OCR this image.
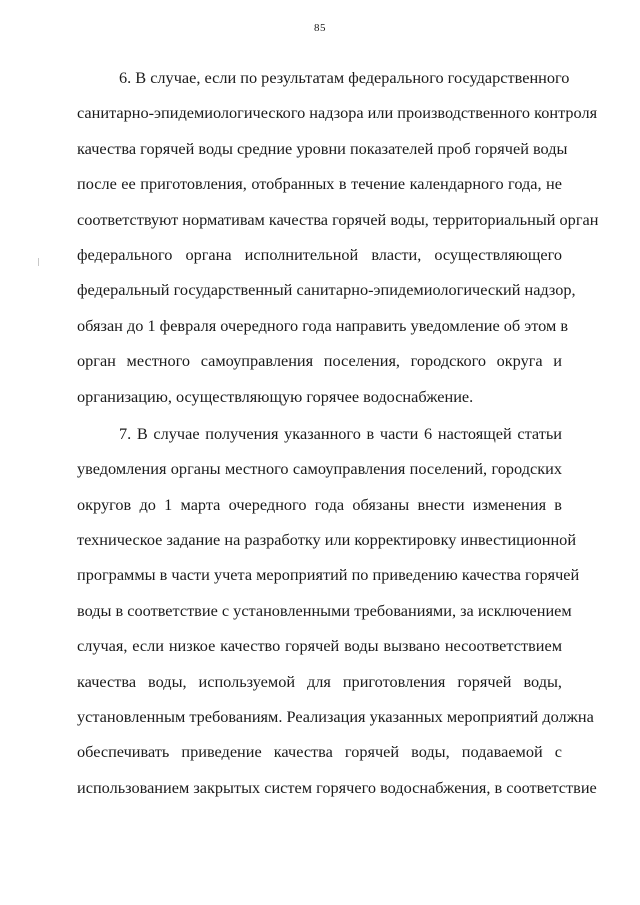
85
6. В случае, если по результатам федерального государственного
санитарно-эпидемиологического надзора или производственного контроля
качества горячей воды средние уровни показателей проб горячей воды
после ее приготовления, отобранных в течение календарного года, не
соответствуют нормативам качества горячей воды, территориальный орган
федерального органа исполнительной власти, осуществляющего
федеральный государственный санитарно-эпидемиологический надзор,
обязан до 1 февраля очередного года направить уведомление об этом в
орган местного самоуправления поселения, городского округа и
организацию, осуществляющую горячее водоснабжение.
7. В случае получения указанного в части 6 настоящей статьи
уведомления органы местного самоуправления поселений, городских
округов до 1 марта очередного года обязаны внести изменения в
техническое задание на разработку или корректировку инвестиционной
программы в части учета мероприятий по приведению качества горячей
воды в соответствие с установленными требованиями, за исключением
случая, если низкое качество горячей воды вызвано несоответствием
качества воды, используемой для приготовления горячей воды,
установленным требованиям. Реализация указанных мероприятий должна
обеспечивать приведение качества горячей воды, подаваемой с
использованием закрытых систем горячего водоснабжения, в соответствие
